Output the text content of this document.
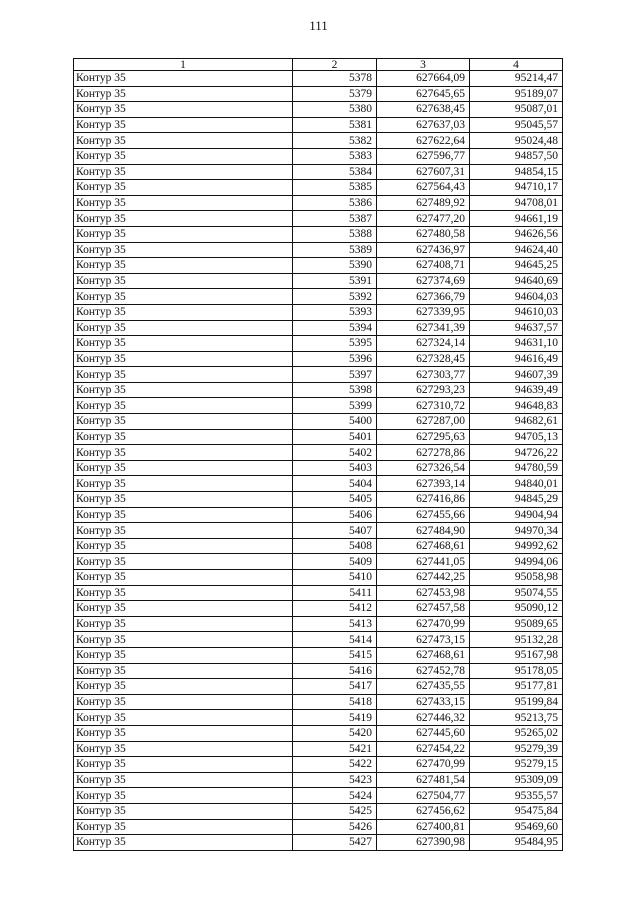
111
1	2	3	4
Контур 35	5378	627664,09	95214,47
Контур 35	5379	627645,65	95189,07
Контур 35	5380	627638,45	95087,01
Контур 35	5381	627637,03	95045,57
Контур 35	5382	627622,64	95024,48
Контур 35	5383	627596,77	94857,50
Контур 35	5384	627607,31	94854,15
Контур 35	5385	627564,43	94710,17
Контур 35	5386	627489,92	94708,01
Контур 35	5387	627477,20	94661,19
Контур 35	5388	627480,58	94626,56
Контур 35	5389	627436,97	94624,40
Контур 35	5390	627408,71	94645,25
Контур 35	5391	627374,69	94640,69
Контур 35	5392	627366,79	94604,03
Контур 35	5393	627339,95	94610,03
Контур 35	5394	627341,39	94637,57
Контур 35	5395	627324,14	94631,10
Контур 35	5396	627328,45	94616,49
Контур 35	5397	627303,77	94607,39
Контур 35	5398	627293,23	94639,49
Контур 35	5399	627310,72	94648,83
Контур 35	5400	627287,00	94682,61
Контур 35	5401	627295,63	94705,13
Контур 35	5402	627278,86	94726,22
Контур 35	5403	627326,54	94780,59
Контур 35	5404	627393,14	94840,01
Контур 35	5405	627416,86	94845,29
Контур 35	5406	627455,66	94904,94
Контур 35	5407	627484,90	94970,34
Контур 35	5408	627468,61	94992,62
Контур 35	5409	627441,05	94994,06
Контур 35	5410	627442,25	95058,98
Контур 35	5411	627453,98	95074,55
Контур 35	5412	627457,58	95090,12
Контур 35	5413	627470,99	95089,65
Контур 35	5414	627473,15	95132,28
Контур 35	5415	627468,61	95167,98
Контур 35	5416	627452,78	95178,05
Контур 35	5417	627435,55	95177,81
Контур 35	5418	627433,15	95199,84
Контур 35	5419	627446,32	95213,75
Контур 35	5420	627445,60	95265,02
Контур 35	5421	627454,22	95279,39
Контур 35	5422	627470,99	95279,15
Контур 35	5423	627481,54	95309,09
Контур 35	5424	627504,77	95355,57
Контур 35	5425	627456,62	95475,84
Контур 35	5426	627400,81	95469,60
Контур 35	5427	627390,98	95484,95
